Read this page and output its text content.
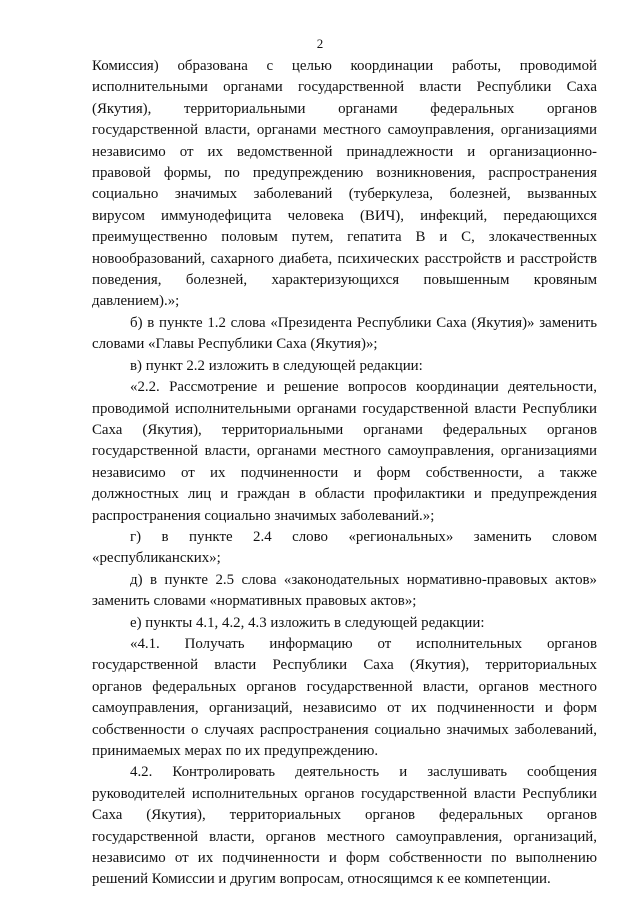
2
Комиссия) образована с целью координации работы, проводимой
исполнительными органами государственной власти Республики Саха
(Якутия), территориальными органами федеральных органов
государственной власти, органами местного самоуправления, организациями
независимо от их ведомственной принадлежности и организационно-
правовой формы, по предупреждению возникновения, распространения
социально значимых заболеваний (туберкулеза, болезней, вызванных
вирусом иммунодефицита человека (ВИЧ), инфекций, передающихся
преимущественно половым путем, гепатита В и С, злокачественных
новообразований, сахарного диабета, психических расстройств и расстройств
поведения, болезней, характеризующихся повышенным кровяным
давлением).»;
б) в пункте 1.2 слова «Президента Республики Саха (Якутия)» заменить
словами «Главы Республики Саха (Якутия)»;
в) пункт 2.2 изложить в следующей редакции:
«2.2. Рассмотрение и решение вопросов координации деятельности,
проводимой исполнительными органами государственной власти Республики
Саха (Якутия), территориальными органами федеральных органов
государственной власти, органами местного самоуправления, организациями
независимо от их подчиненности и форм собственности, а также
должностных лиц и граждан в области профилактики и предупреждения
распространения социально значимых заболеваний.»;
г) в пункте 2.4 слово «региональных» заменить словом
«республиканских»;
д) в пункте 2.5 слова «законодательных нормативно-правовых актов»
заменить словами «нормативных правовых актов»;
е) пункты 4.1, 4.2, 4.3 изложить в следующей редакции:
«4.1. Получать информацию от исполнительных органов
государственной власти Республики Саха (Якутия), территориальных
органов федеральных органов государственной власти, органов местного
самоуправления, организаций, независимо от их подчиненности и форм
собственности о случаях распространения социально значимых заболеваний,
принимаемых мерах по их предупреждению.
4.2. Контролировать деятельность и заслушивать сообщения
руководителей исполнительных органов государственной власти Республики
Саха (Якутия), территориальных органов федеральных органов
государственной власти, органов местного самоуправления, организаций,
независимо от их подчиненности и форм собственности по выполнению
решений Комиссии и другим вопросам, относящимся к ее компетенции.
